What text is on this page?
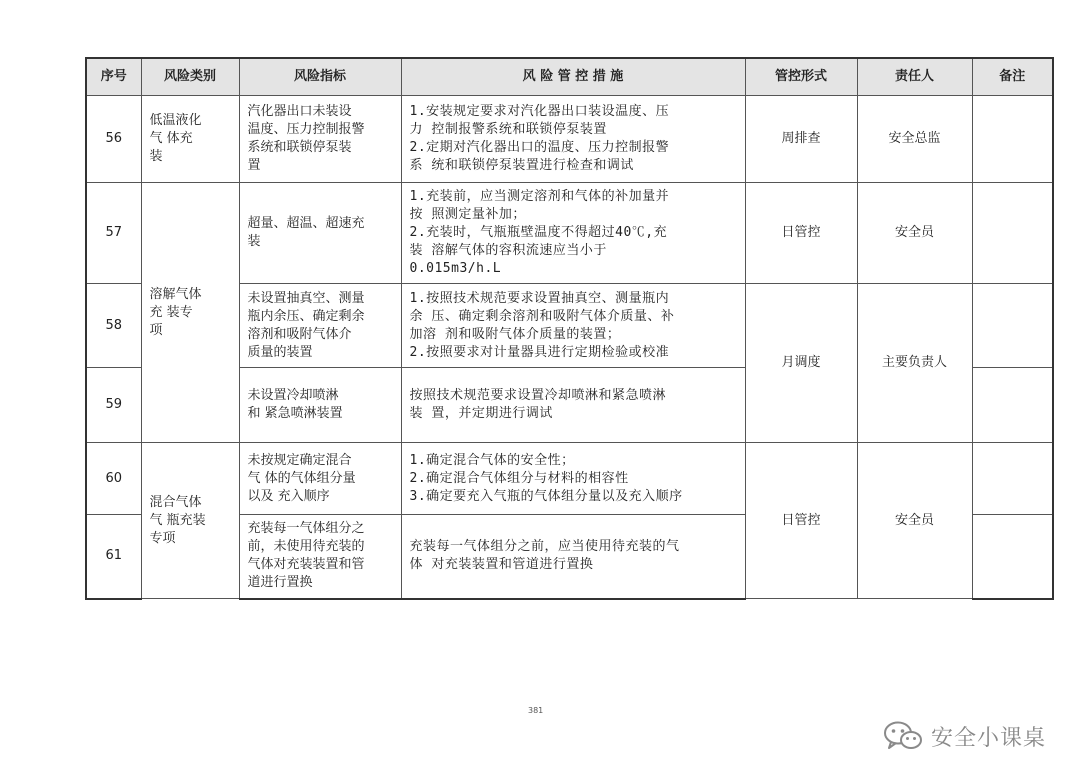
序号	风险类别	风险指标	风 险 管 控 措 施	管控形式	责任人	备注
56	低温液化
气 体充
装	汽化器出口未装设
温度、压力控制报警
系统和联锁停泵装
置	1.安装规定要求对汽化器出口装设温度、压
力 控制报警系统和联锁停泵装置
2.定期对汽化器出口的温度、压力控制报警
系 统和联锁停泵装置进行检查和调试	周排查	安全总监	
57	溶解气体
充 装专
项	超量、超温、超速充
装	1.充装前，应当测定溶剂和气体的补加量并
按 照测定量补加；
2.充装时，气瓶瓶壁温度不得超过40℃,充
装 溶解气体的容积流速应当小于
0.015m3/h.L	日管控	安全员	
58		未设置抽真空、测量
瓶内余压、确定剩余
溶剂和吸附气体介
质量的装置	1.按照技术规范要求设置抽真空、测量瓶内
余 压、确定剩余溶剂和吸附气体介质量、补
加溶 剂和吸附气体介质量的装置；
2.按照要求对计量器具进行定期检验或校准	月调度	主要负责人	
59		未设置冷却喷淋
和 紧急喷淋装置	按照技术规范要求设置冷却喷淋和紧急喷淋
装 置，并定期进行调试			
60	混合气体
气 瓶充装
专项	未按规定确定混合
气 体的气体组分量
以及 充入顺序	1.确定混合气体的安全性；
2.确定混合气体组分与材料的相容性
3.确定要充入气瓶的气体组分量以及充入顺序	日管控	安全员	
61		充装每一气体组分之
前，未使用待充装的
气体对充装装置和管
道进行置换	充装每一气体组分之前，应当使用待充装的气
体 对充装装置和管道进行置换			
381
安全小课桌
